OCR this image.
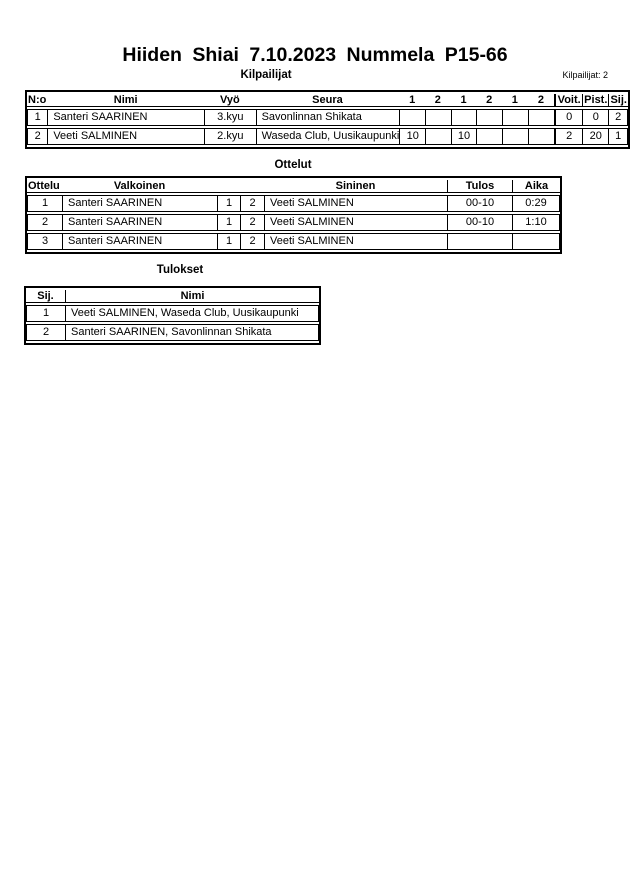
Hiiden Shiai 7.10.2023 Nummela P15-66
Kilpailijat	Kilpailijat: 2
N:o	Nimi	Vyö	Seura	1	2	1	2	1	2	Voit.	Pist.	Sij.
1	Santeri SAARINEN	3.kyu	Savonlinnan Shikata							0	0	2
2	Veeti SALMINEN	2.kyu	Waseda Club, Uusikaupunki	10		10				2	20	1
Ottelut
Ottelu	Valkoinen			Sininen	Tulos	Aika
1	Santeri SAARINEN	1	2	Veeti SALMINEN	00-10	0:29
2	Santeri SAARINEN	1	2	Veeti SALMINEN	00-10	1:10
3	Santeri SAARINEN	1	2	Veeti SALMINEN		
Tulokset
Sij.	Nimi
1	Veeti SALMINEN, Waseda Club, Uusikaupunki
2	Santeri SAARINEN, Savonlinnan Shikata
